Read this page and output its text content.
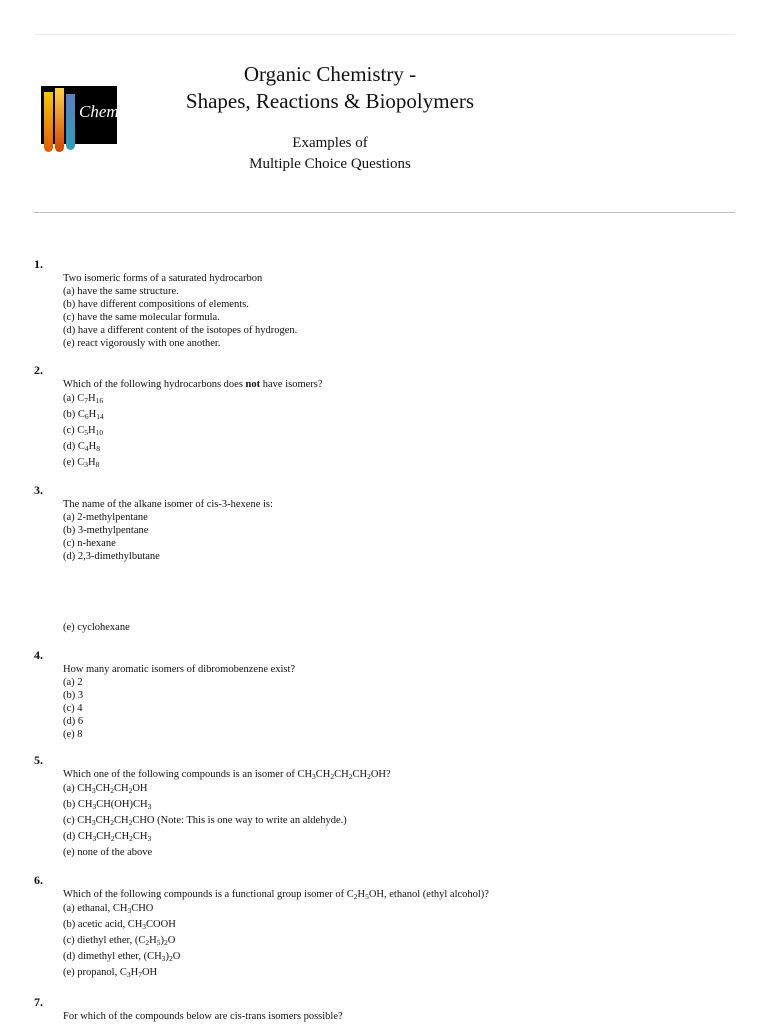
Chem
Organic Chemistry -
Shapes, Reactions & Biopolymers
Examples of
Multiple Choice Questions
1.
Two isomeric forms of a saturated hydrocarbon
(a) have the same structure.
(b) have different compositions of elements.
(c) have the same molecular formula.
(d) have a different content of the isotopes of hydrogen.
(e) react vigorously with one another.
2.
Which of the following hydrocarbons does not have isomers?
(a) $C_7H_{16}$
(b) $C_6H_{14}$
(c) $C_5H_{10}$
(d) $C_4H_8$
(e) $C_3H_8$
3.
The name of the alkane isomer of cis-3-hexene is:
(a) 2-methylpentane
(b) 3-methylpentane
(c) n-hexane
(d) 2,3-dimethylbutane
(e) cyclohexane
4.
How many aromatic isomers of dibromobenzene exist?
(a) 2
(b) 3
(c) 4
(d) 6
(e) 8
5.
Which one of the following compounds is an isomer of $CH_3CH_2CH_2CH_2OH$?
(a) $CH_3CH_2CH_2OH$
(b) $CH_3CH(OH)CH_3$
(c) $CH_3CH_2CH_2CHO$ (Note: This is one way to write an aldehyde.)
(d) $CH_3CH_2CH_2CH_3$
(e) none of the above
6.
Which of the following compounds is a functional group isomer of $C_2H_5OH$, ethanol (ethyl alcohol)?
(a) ethanal, $CH_3CHO$
(b) acetic acid, $CH_3COOH$
(c) diethyl ether, $(C_2H_5)_2O$
(d) dimethyl ether, $(CH_3)_2O$
(e) propanol, $C_3H_7OH$
7.
For which of the compounds below are cis-trans isomers possible?
